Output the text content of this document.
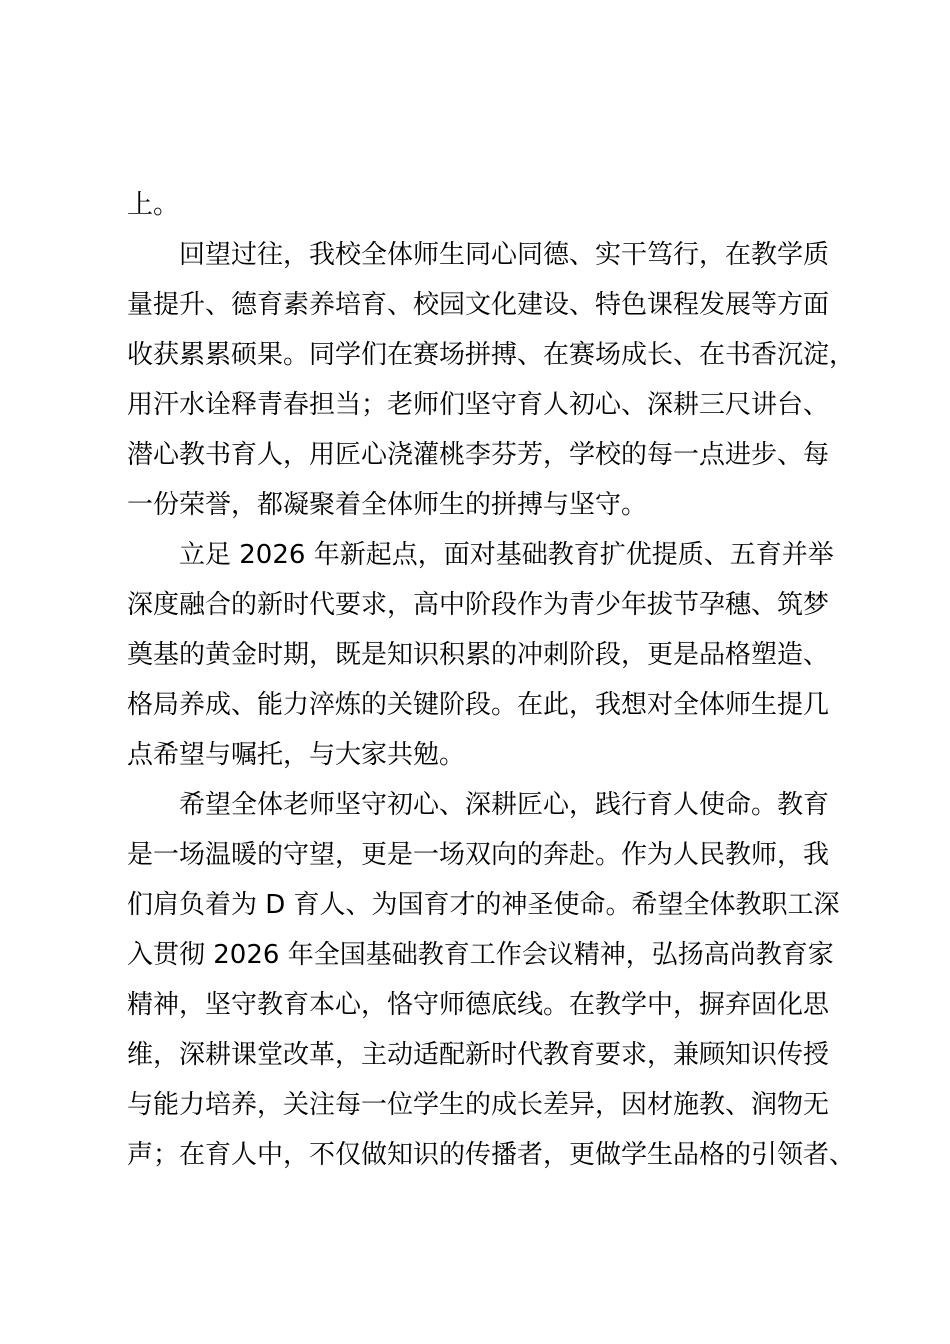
上。
回望过往，我校全体师生同心同德、实干笃行，在教学质
量提升、德育素养培育、校园文化建设、特色课程发展等方面
收获累累硕果。同学们在赛场拼搏、在赛场成长、在书香沉淀，
用汗水诠释青春担当；老师们坚守育人初心、深耕三尺讲台、
潜心教书育人，用匠心浇灌桃李芬芳，学校的每一点进步、每
一份荣誉，都凝聚着全体师生的拼搏与坚守。
立足 2026 年新起点，面对基础教育扩优提质、五育并举
深度融合的新时代要求，高中阶段作为青少年拔节孕穗、筑梦
奠基的黄金时期，既是知识积累的冲刺阶段，更是品格塑造、
格局养成、能力淬炼的关键阶段。在此，我想对全体师生提几
点希望与嘱托，与大家共勉。
希望全体老师坚守初心、深耕匠心，践行育人使命。教育
是一场温暖的守望，更是一场双向的奔赴。作为人民教师，我
们肩负着为 D 育人、为国育才的神圣使命。希望全体教职工深
入贯彻 2026 年全国基础教育工作会议精神，弘扬高尚教育家
精神，坚守教育本心，恪守师德底线。在教学中，摒弃固化思
维，深耕课堂改革，主动适配新时代教育要求，兼顾知识传授
与能力培养，关注每一位学生的成长差异，因材施教、润物无
声；在育人中，不仅做知识的传播者，更做学生品格的引领者、
